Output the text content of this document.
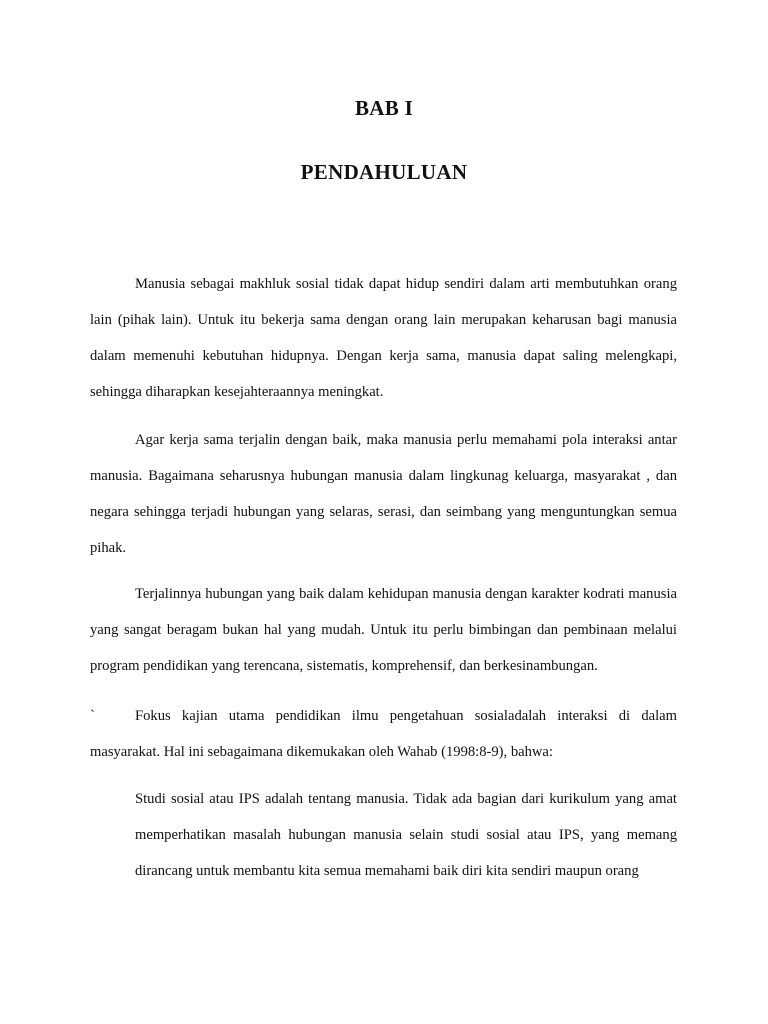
BAB I
PENDAHULUAN

Manusia sebagai makhluk sosial tidak dapat hidup sendiri dalam arti membutuhkan orang lain (pihak lain). Untuk itu bekerja sama dengan orang lain merupakan keharusan bagi manusia dalam memenuhi kebutuhan hidupnya. Dengan kerja sama, manusia dapat saling melengkapi, sehingga diharapkan kesejahteraannya meningkat.

Agar kerja sama terjalin dengan baik, maka manusia perlu memahami pola interaksi antar manusia. Bagaimana seharusnya hubungan manusia dalam lingkunag keluarga, masyarakat , dan negara sehingga terjadi hubungan yang selaras, serasi, dan seimbang yang menguntungkan semua pihak.

Terjalinnya hubungan yang baik dalam kehidupan manusia dengan karakter kodrati manusia yang sangat beragam bukan hal yang mudah. Untuk itu perlu bimbingan dan pembinaan melalui program pendidikan yang terencana, sistematis, komprehensif, dan berkesinambungan.

`	Fokus kajian utama pendidikan ilmu pengetahuan sosialadalah interaksi di dalam masyarakat. Hal ini sebagaimana dikemukakan oleh Wahab (1998:8-9), bahwa:

Studi sosial atau IPS adalah tentang manusia. Tidak ada bagian dari kurikulum yang amat memperhatikan masalah hubungan manusia selain studi sosial atau IPS, yang memang dirancang untuk membantu kita semua memahami baik diri kita sendiri maupun orang
